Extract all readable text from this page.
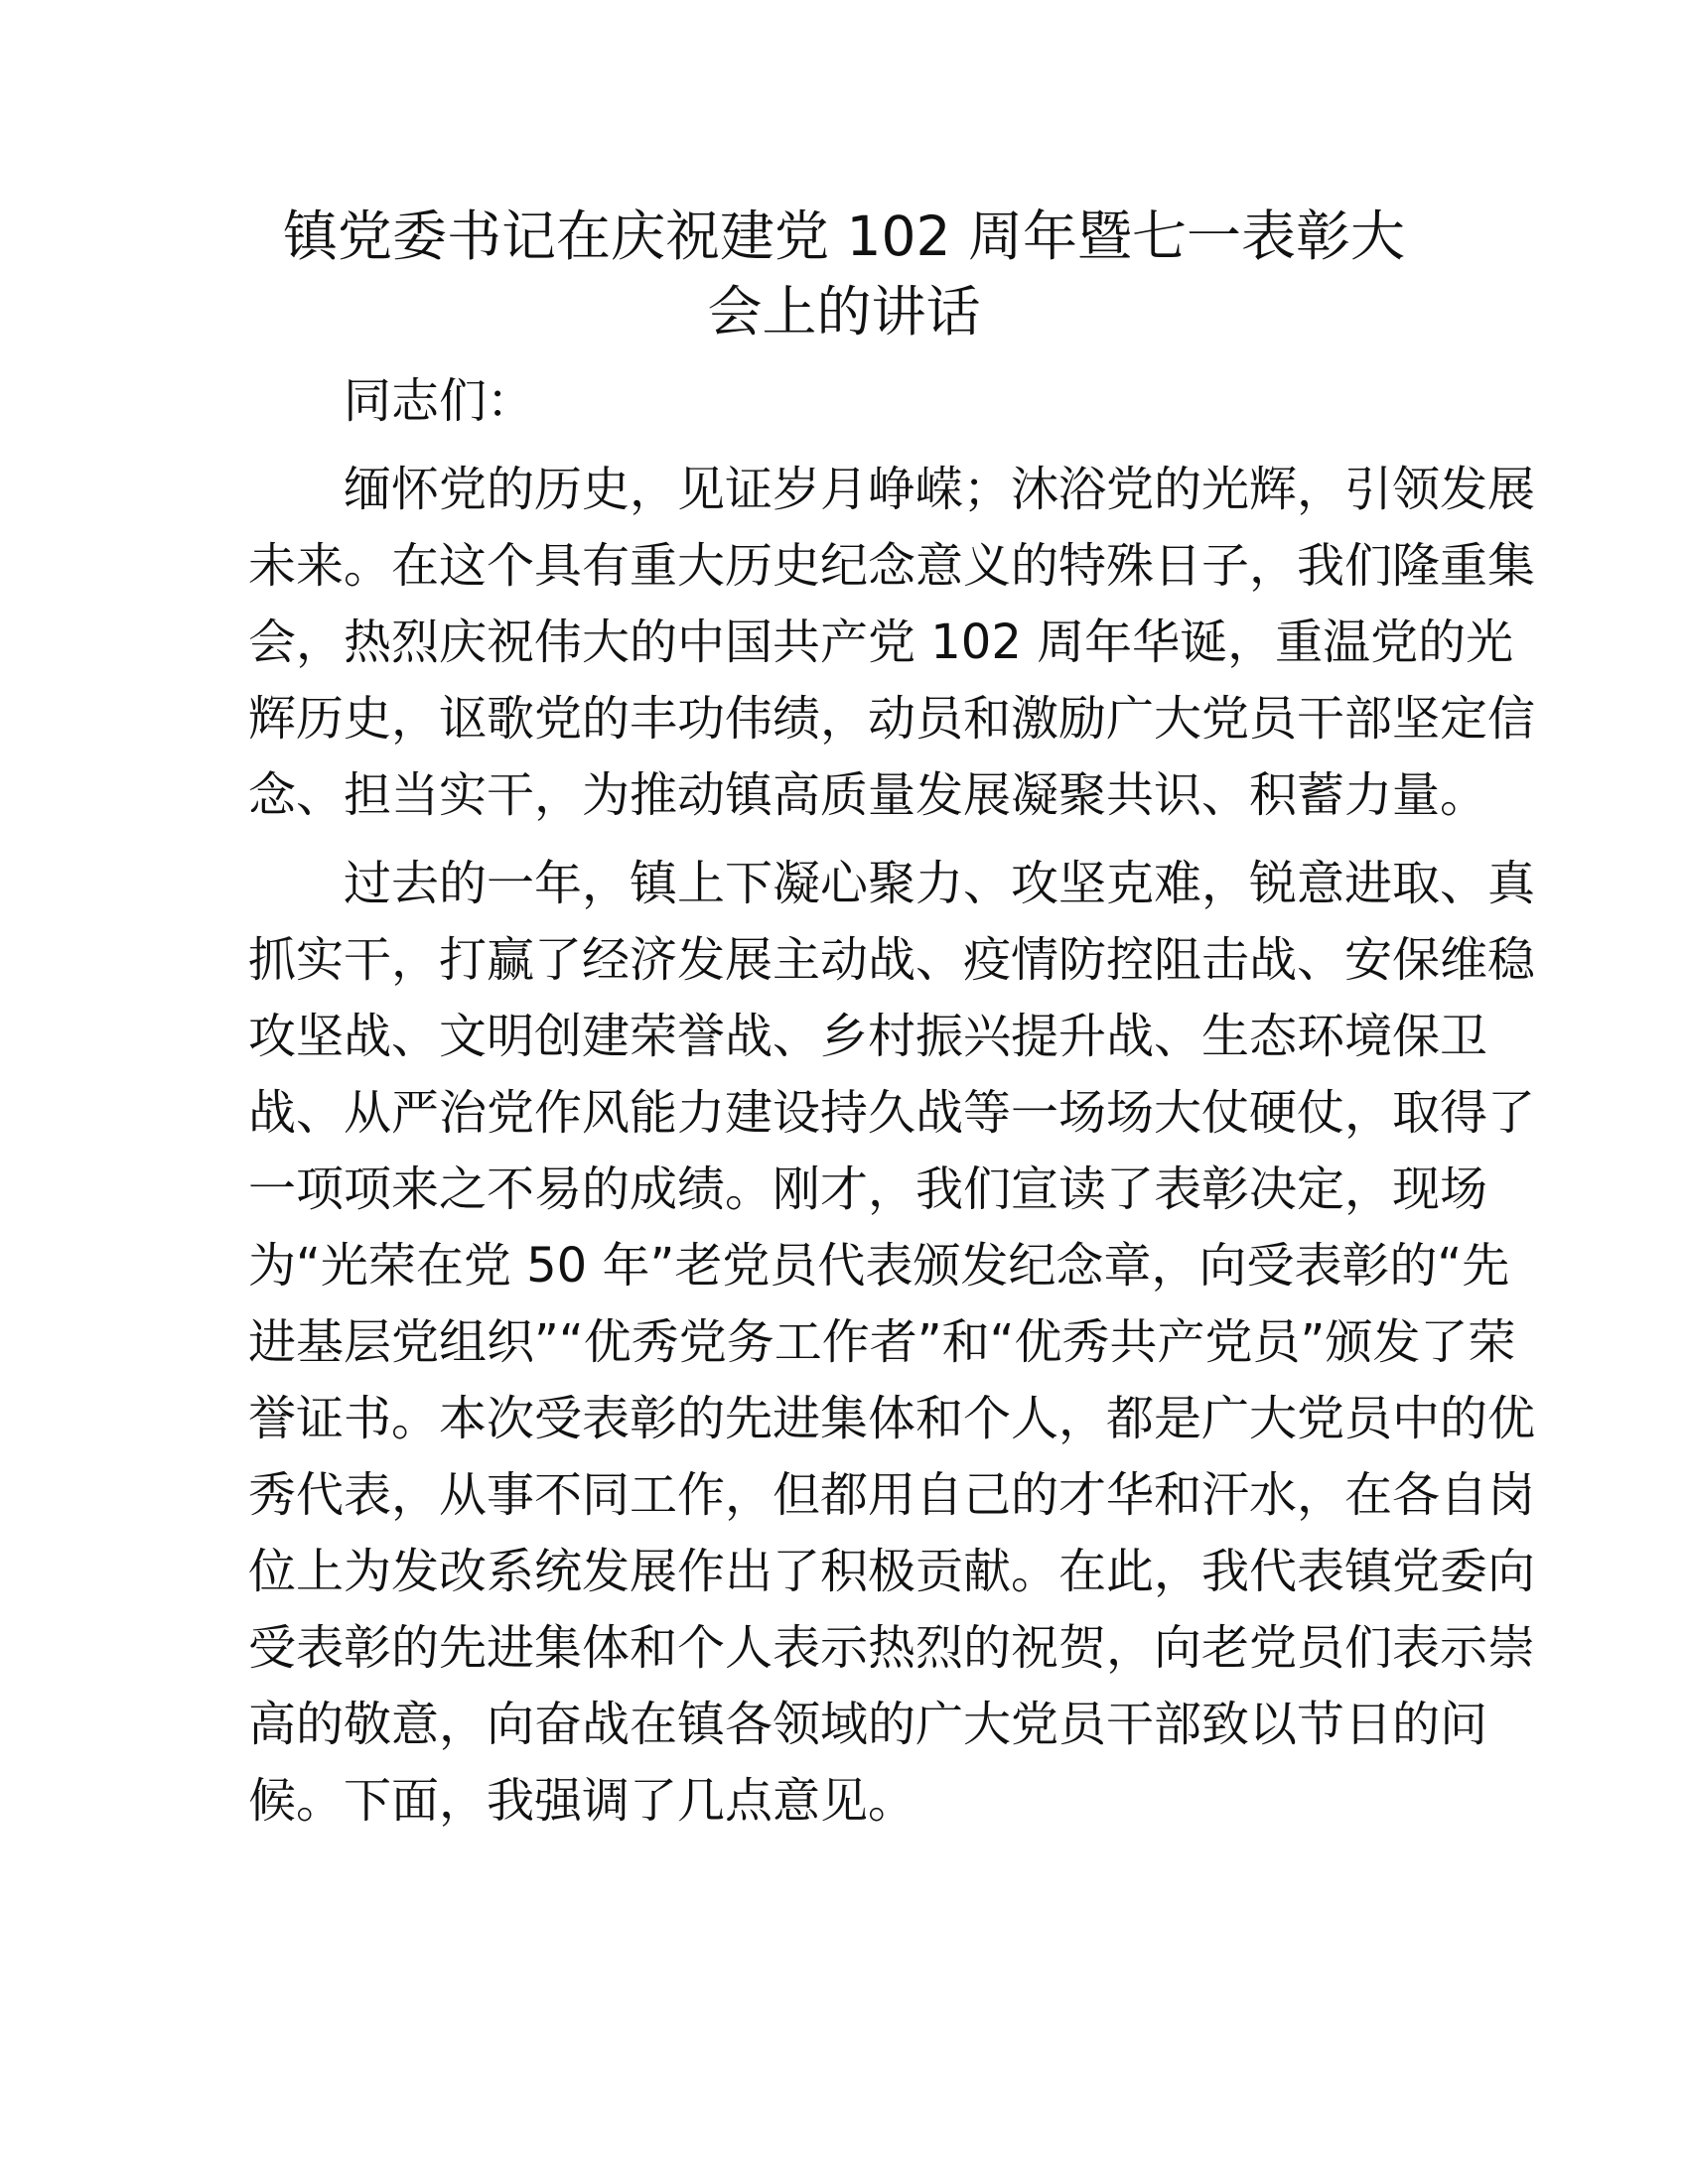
镇党委书记在庆祝建党 102 周年暨七一表彰大
会上的讲话

同志们：

缅怀党的历史，见证岁月峥嵘；沐浴党的光辉，引领发展
未来。在这个具有重大历史纪念意义的特殊日子，我们隆重集
会，热烈庆祝伟大的中国共产党 102 周年华诞，重温党的光
辉历史，讴歌党的丰功伟绩，动员和激励广大党员干部坚定信
念、担当实干，为推动镇高质量发展凝聚共识、积蓄力量。
过去的一年，镇上下凝心聚力、攻坚克难，锐意进取、真
抓实干，打赢了经济发展主动战、疫情防控阻击战、安保维稳
攻坚战、文明创建荣誉战、乡村振兴提升战、生态环境保卫
战、从严治党作风能力建设持久战等一场场大仗硬仗，取得了
一项项来之不易的成绩。刚才，我们宣读了表彰决定，现场
为“光荣在党 50 年”老党员代表颁发纪念章，向受表彰的“先
进基层党组织”“优秀党务工作者”和“优秀共产党员”颁发了荣
誉证书。本次受表彰的先进集体和个人，都是广大党员中的优
秀代表，从事不同工作，但都用自己的才华和汗水，在各自岗
位上为发改系统发展作出了积极贡献。在此，我代表镇党委向
受表彰的先进集体和个人表示热烈的祝贺，向老党员们表示崇
高的敬意，向奋战在镇各领域的广大党员干部致以节日的问
候。下面，我强调了几点意见。
